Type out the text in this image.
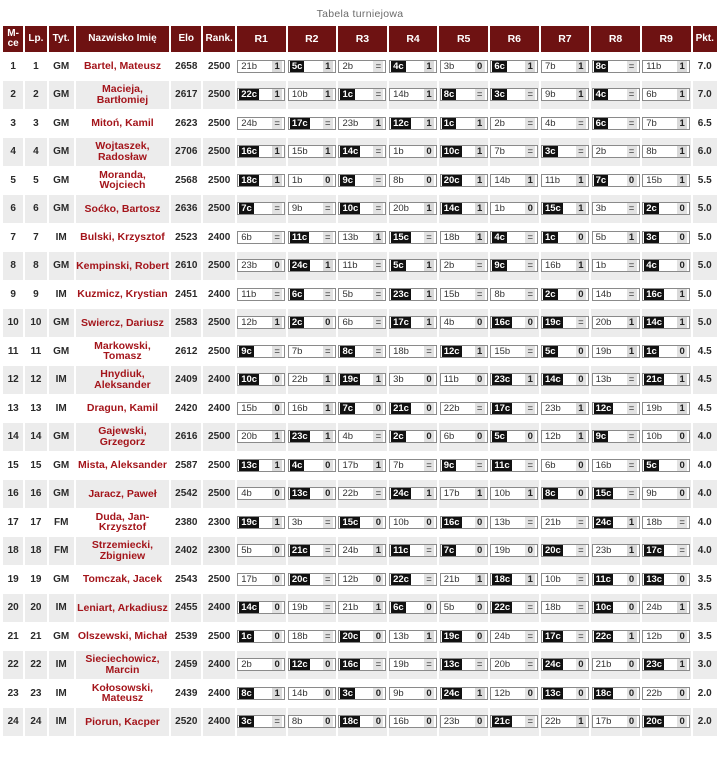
Tabela turniejowa
M-ce	Lp.	Tyt.	Nazwisko Imię	Elo	Rank.	R1	R2	R3	R4	R5	R6	R7	R8	R9	Pkt.
1	1	GM	Bartel, Mateusz	2658	2500	21b 1	5c 1	2b =	4c 1	3b 0	6c 1	7b 1	8c =	11b 1	7.0
2	2	GM	Macieja, Bartłomiej	2617	2500	22c 1	10b 1	1c =	14b 1	8c =	3c =	9b 1	4c =	6b 1	7.0
3	3	GM	Mitoń, Kamil	2623	2500	24b =	17c =	23b 1	12c 1	1c 1	2b =	4b =	6c =	7b 1	6.5
4	4	GM	Wojtaszek, Radosław	2706	2500	16c 1	15b 1	14c =	1b 0	10c 1	7b =	3c =	2b =	8b 1	6.0
5	5	GM	Moranda, Wojciech	2568	2500	18c 1	1b 0	9c =	8b 0	20c 1	14b 1	11b 1	7c 0	15b 1	5.5
6	6	GM	Soćko, Bartosz	2636	2500	7c =	9b =	10c =	20b 1	14c 1	1b 0	15c 1	3b =	2c 0	5.0
7	7	IM	Bulski, Krzysztof	2523	2400	6b =	11c =	13b 1	15c =	18b 1	4c =	1c 0	5b 1	3c 0	5.0
8	8	GM	Kempinski, Robert	2610	2500	23b 0	24c 1	11b =	5c 1	2b =	9c =	16b 1	1b =	4c 0	5.0
9	9	IM	Kuzmicz, Krystian	2451	2400	11b =	6c =	5b =	23c 1	15b =	8b =	2c 0	14b =	16c 1	5.0
10	10	GM	Swiercz, Dariusz	2583	2500	12b 1	2c 0	6b =	17c 1	4b 0	16c 0	19c =	20b 1	14c 1	5.0
11	11	GM	Markowski, Tomasz	2612	2500	9c =	7b =	8c =	18b =	12c 1	15b =	5c 0	19b 1	1c 0	4.5
12	12	IM	Hnydiuk, Aleksander	2409	2400	10c 0	22b 1	19c 1	3b 0	11b 0	23c 1	14c 0	13b =	21c 1	4.5
13	13	IM	Dragun, Kamil	2420	2400	15b 0	16b 1	7c 0	21c 0	22b =	17c =	23b 1	12c =	19b 1	4.5
14	14	GM	Gajewski, Grzegorz	2616	2500	20b 1	23c 1	4b =	2c 0	6b 0	5c 0	12b 1	9c =	10b 0	4.0
15	15	GM	Mista, Aleksander	2587	2500	13c 1	4c 0	17b 1	7b =	9c =	11c =	6b 0	16b =	5c 0	4.0
16	16	GM	Jaracz, Paweł	2542	2500	4b 0	13c 0	22b =	24c 1	17b 1	10b 1	8c 0	15c =	9b 0	4.0
17	17	FM	Duda, Jan-Krzysztof	2380	2300	19c 1	3b =	15c 0	10b 0	16c 0	13b =	21b =	24c 1	18b =	4.0
18	18	FM	Strzemiecki, Zbigniew	2402	2300	5b 0	21c =	24b 1	11c =	7c 0	19b 0	20c =	23b 1	17c =	4.0
19	19	GM	Tomczak, Jacek	2543	2500	17b 0	20c =	12b 0	22c =	21b 1	18c 1	10b =	11c 0	13c 0	3.5
20	20	IM	Leniart, Arkadiusz	2455	2400	14c 0	19b =	21b 1	6c 0	5b 0	22c =	18b =	10c 0	24b 1	3.5
21	21	GM	Olszewski, Michał	2539	2500	1c 0	18b =	20c 0	13b 1	19c 0	24b =	17c =	22c 1	12b 0	3.5
22	22	IM	Sieciechowicz, Marcin	2459	2400	2b 0	12c 0	16c =	19b =	13c =	20b =	24c 0	21b 0	23c 1	3.0
23	23	IM	Kołosowski, Mateusz	2439	2400	8c 1	14b 0	3c 0	9b 0	24c 1	12b 0	13c 0	18c 0	22b 0	2.0
24	24	IM	Piorun, Kacper	2520	2400	3c =	8b 0	18c 0	16b 0	23b 0	21c =	22b 1	17b 0	20c 0	2.0
